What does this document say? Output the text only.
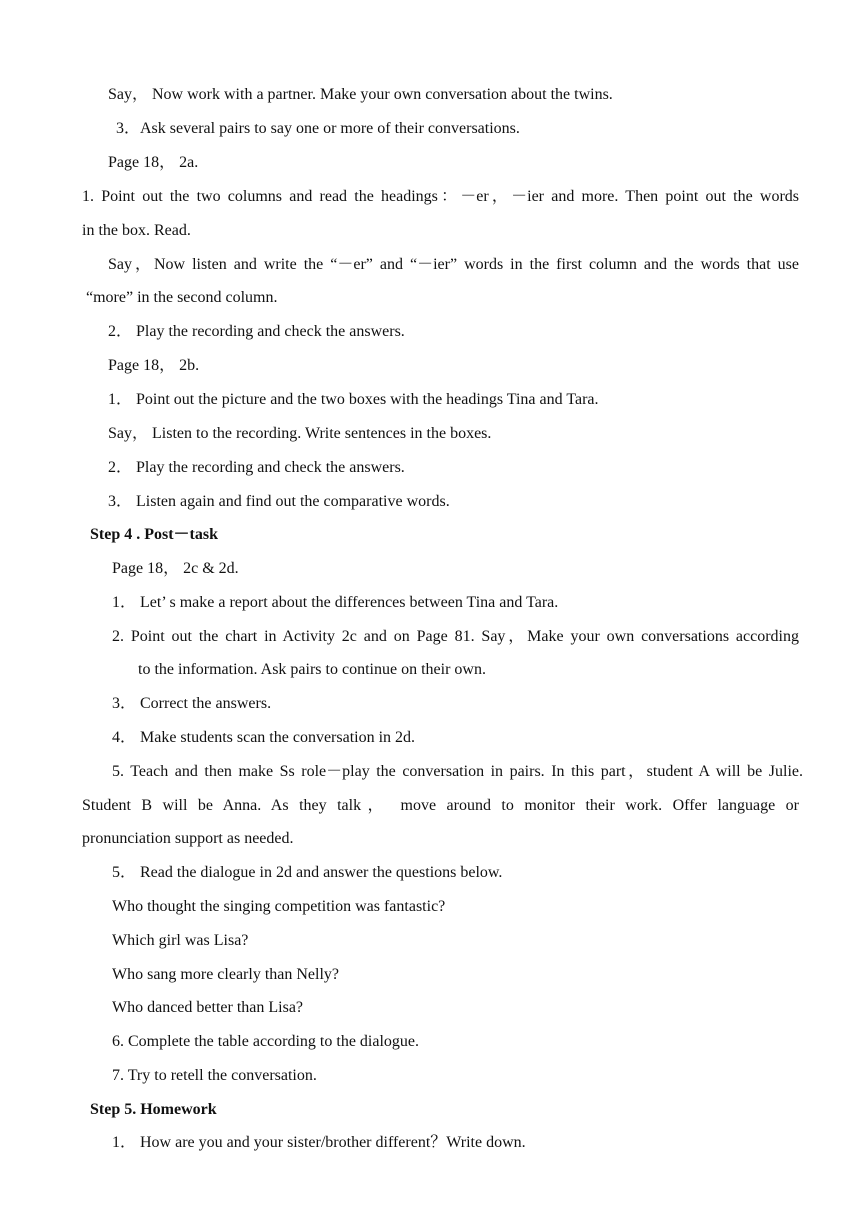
Say， Now work with a partner. Make your own conversation about the twins.
3．Ask several pairs to say one or more of their conversations.
Page 18， 2a.
1. Point out the two columns and read the headings：－er，－ier and more. Then point out the words
in the box. Read.
Say，Now listen and write the “－er” and “－ier” words in the first column and the words that use
“more” in the second column.
2． Play the recording and check the answers.
Page 18， 2b.
1． Point out the picture and the two boxes with the headings Tina and Tara.
Say， Listen to the recording. Write sentences in the boxes.
2． Play the recording and check the answers.
3． Listen again and find out the comparative words.
Step 4 . Post－task
Page 18， 2c & 2d.
1． Let’ s make a report about the differences between Tina and Tara.
2. Point out the chart in Activity 2c and on Page 81. Say，Make your own conversations according
to the information. Ask pairs to continue on their own.
3． Correct the answers.
4． Make students scan the conversation in 2d.
5. Teach and then make Ss role－play the conversation in pairs. In this part，student A will be Julie.
Student B will be Anna. As they talk， move around to monitor their work. Offer language or
pronunciation support as needed.
5． Read the dialogue in 2d and answer the questions below.
Who thought the singing competition was fantastic?
Which girl was Lisa?
Who sang more clearly than Nelly?
Who danced better than Lisa?
6. Complete the table according to the dialogue.
7. Try to retell the conversation.
Step 5. Homework
1． How are you and your sister/brother different？Write down.
